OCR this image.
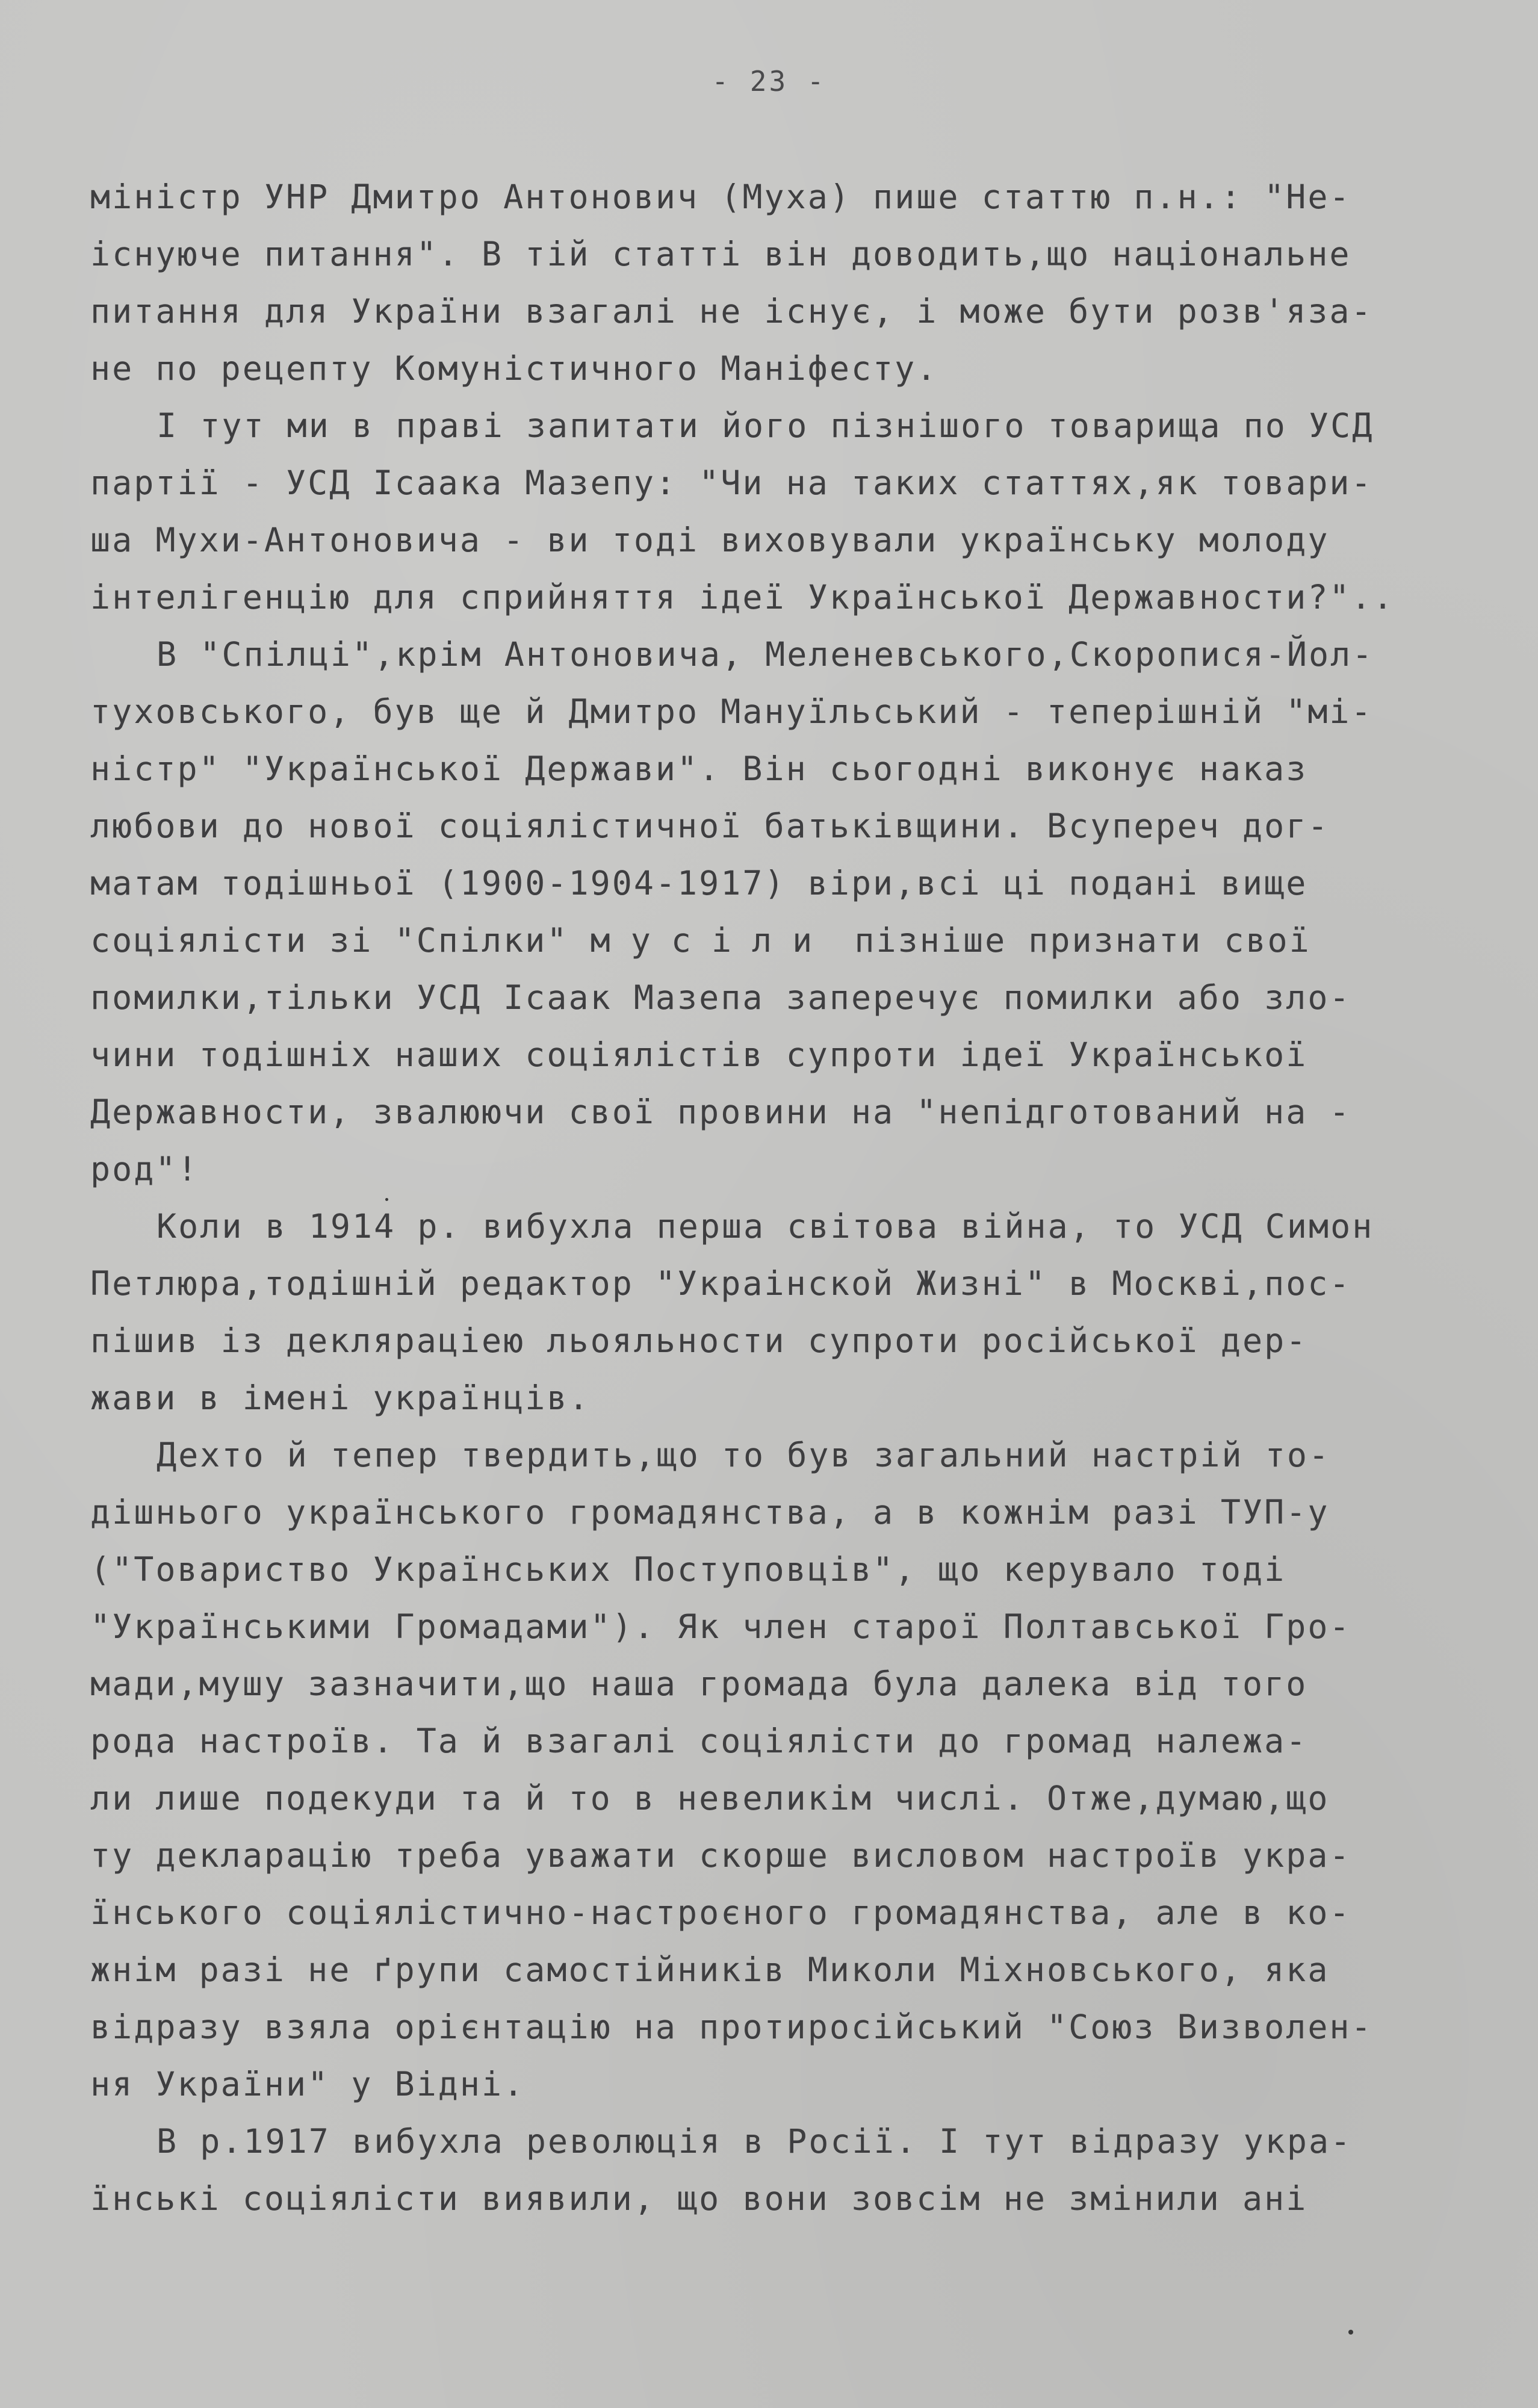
- 23 -
міністр УНР Дмитро Антонович (Муха) пише статтю п.н.: "Не-
існуюче питання". В тій статті він доводить,що національне
питання для України взагалі не існує, і може бути розв'яза-
не по рецепту Комуністичного Маніфесту.
І тут ми в праві запитати його пізнішого товарища по УСД
партії - УСД Ісаака Мазепу: "Чи на таких статтях,як товари-
ша Мухи-Антоновича - ви тоді виховували українську молоду
інтелігенцію для сприйняття ідеї Української Державности?"..
В "Спілці",крім Антоновича, Меленевського,Скоропися-Йол-
туховського, був ще й Дмитро Мануїльський - теперішній "мі-
ністр" "Української Держави". Він сьогодні виконує наказ
любови до нової соціялістичної батьківщини. Всупереч дог-
матам тодішньої (1900-1904-1917) віри,всі ці подані вище
соціялісти зі "Спілки" мусіли пізніше признати свої
помилки,тільки УСД Ісаак Мазепа заперечує помилки або зло-
чини тодішніх наших соціялістів супроти ідеї Української
Державности, звалюючи свої провини на "непідготований на -
род"!
Коли в 1914 р. вибухла перша світова війна, то УСД Симон
Петлюра,тодішній редактор "Украінской Жизні" в Москві,пос-
пішив із декляраціею льояльности супроти російської дер-
жави в імені українців.
Дехто й тепер твердить,що то був загальний настрій то-
дішнього українського громадянства, а в кожнім разі ТУП-у
("Товариство Українських Поступовців", що керувало тоді
"Українськими Громадами"). Як член старої Полтавської Гро-
мади,мушу зазначити,що наша громада була далека від того
рода настроїв. Та й взагалі соціялісти до громад належа-
ли лише подекуди та й то в невеликім числі. Отже,думаю,що
ту декларацію треба уважати скорше висловом настроїв укра-
їнського соціялістично-настроєного громадянства, але в ко-
жнім разі не ґрупи самостійників Миколи Міхновського, яка
відразу взяла орієнтацію на протиросійський "Союз Визволен-
ня України" у Відні.
В р.1917 вибухла революція в Росії. І тут відразу укра-
їнські соціялісти виявили, що вони зовсім не змінили ані
